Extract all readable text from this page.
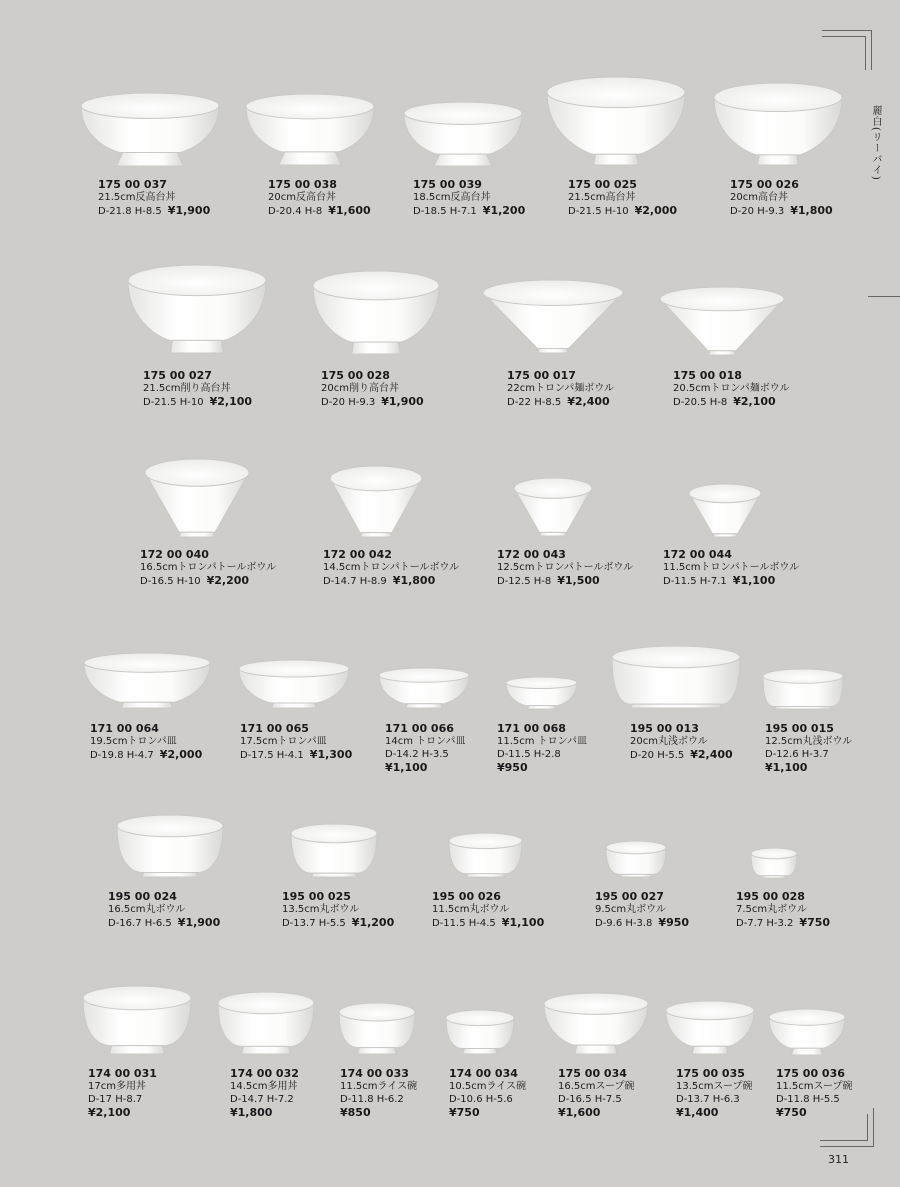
麗白(リーバイ)
311
175 00 037
21.5cm反高台丼
D-21.8 H-8.5 ¥1,900
175 00 038
20cm反高台丼
D-20.4 H-8 ¥1,600
175 00 039
18.5cm反高台丼
D-18.5 H-7.1 ¥1,200
175 00 025
21.5cm高台丼
D-21.5 H-10 ¥2,000
175 00 026
20cm高台丼
D-20 H-9.3 ¥1,800
175 00 027
21.5cm削り高台丼
D-21.5 H-10 ¥2,100
175 00 028
20cm削り高台丼
D-20 H-9.3 ¥1,900
175 00 017
22cmトロンパ麺ボウル
D-22 H-8.5 ¥2,400
175 00 018
20.5cmトロンパ麺ボウル
D-20.5 H-8 ¥2,100
172 00 040
16.5cmトロンパトールボウル
D-16.5 H-10 ¥2,200
172 00 042
14.5cmトロンパトールボウル
D-14.7 H-8.9 ¥1,800
172 00 043
12.5cmトロンパトールボウル
D-12.5 H-8 ¥1,500
172 00 044
11.5cmトロンパトールボウル
D-11.5 H-7.1 ¥1,100
171 00 064
19.5cmトロンパ皿
D-19.8 H-4.7 ¥2,000
171 00 065
17.5cmトロンパ皿
D-17.5 H-4.1 ¥1,300
171 00 066
14cm トロンパ皿
D-14.2 H-3.5
¥1,100
171 00 068
11.5cm トロンパ皿
D-11.5 H-2.8
¥950
195 00 013
20cm丸浅ボウル
D-20 H-5.5 ¥2,400
195 00 015
12.5cm丸浅ボウル
D-12.6 H-3.7
¥1,100
195 00 024
16.5cm丸ボウル
D-16.7 H-6.5 ¥1,900
195 00 025
13.5cm丸ボウル
D-13.7 H-5.5 ¥1,200
195 00 026
11.5cm丸ボウル
D-11.5 H-4.5 ¥1,100
195 00 027
9.5cm丸ボウル
D-9.6 H-3.8 ¥950
195 00 028
7.5cm丸ボウル
D-7.7 H-3.2 ¥750
174 00 031
17cm多用丼
D-17 H-8.7
¥2,100
174 00 032
14.5cm多用丼
D-14.7 H-7.2
¥1,800
174 00 033
11.5cmライス碗
D-11.8 H-6.2
¥850
174 00 034
10.5cmライス碗
D-10.6 H-5.6
¥750
175 00 034
16.5cmスープ碗
D-16.5 H-7.5
¥1,600
175 00 035
13.5cmスープ碗
D-13.7 H-6.3
¥1,400
175 00 036
11.5cmスープ碗
D-11.8 H-5.5
¥750
